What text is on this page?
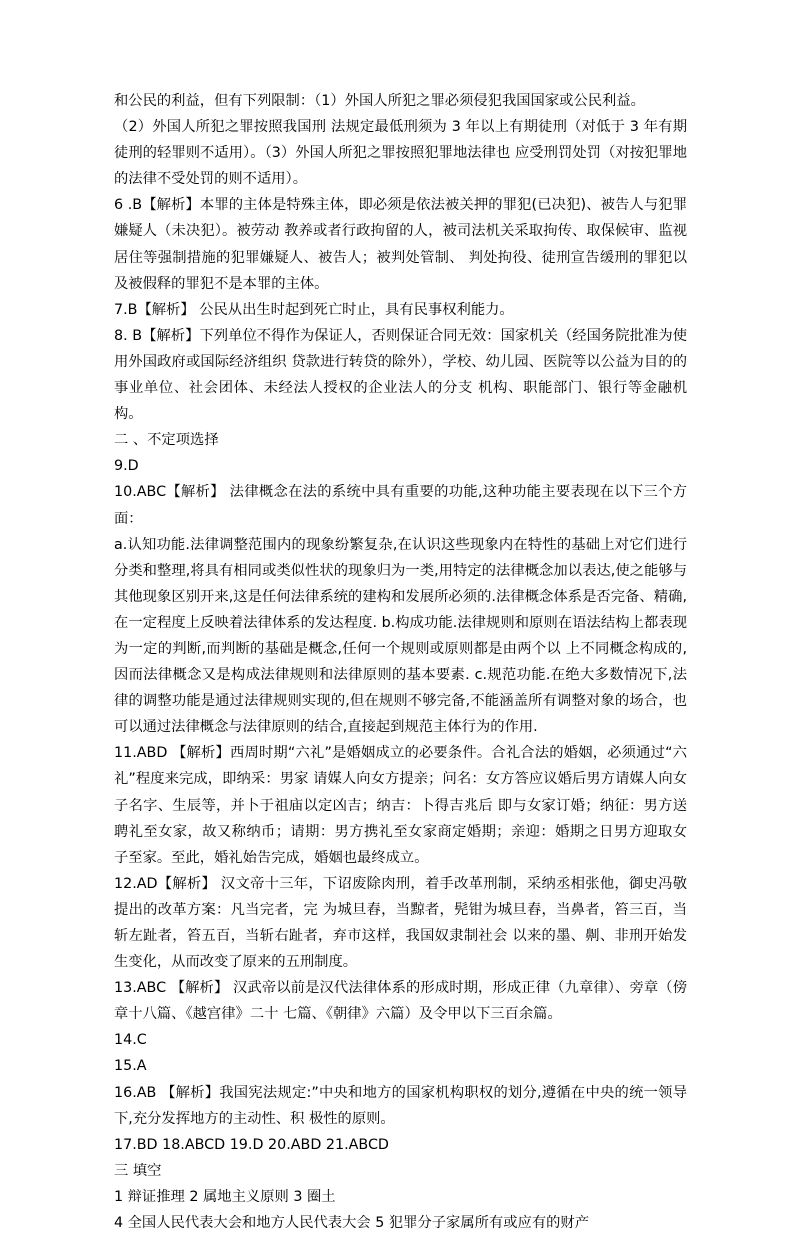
和公民的利益，但有下列限制：（1）外国人所犯之罪必须侵犯我国国家或公民利益。

（2）外国人所犯之罪按照我国刑 法规定最低刑须为 3 年以上有期徒刑（对低于 3 年有期徒刑的轻罪则不适用）。（3）外国人所犯之罪按照犯罪地法律也 应受刑罚处罚（对按犯罪地的法律不受处罚的则不适用）。

6 .B【解析】本罪的主体是特殊主体，即必须是依法被关押的罪犯(已决犯)、被告人与犯罪嫌疑人（未决犯）。被劳动 教养或者行政拘留的人，被司法机关采取拘传、取保候审、监视居住等强制措施的犯罪嫌疑人、被告人；被判处管制、 判处拘役、徒刑宣告缓刑的罪犯以及被假释的罪犯不是本罪的主体。

7.B【解析】 公民从出生时起到死亡时止，具有民事权利能力。

8. B【解析】下列单位不得作为保证人，否则保证合同无效：国家机关（经国务院批准为使用外国政府或国际经济组织 贷款进行转贷的除外），学校、幼儿园、医院等以公益为目的的事业单位、社会团体、未经法人授权的企业法人的分支 机构、职能部门、银行等金融机构。

二 、不定项选择

9.D

10.ABC【解析】 法律概念在法的系统中具有重要的功能,这种功能主要表现在以下三个方面：

a.认知功能.法律调整范围内的现象纷繁复杂,在认识这些现象内在特性的基础上对它们进行分类和整理,将具有相同或类似性状的现象归为一类,用特定的法律概念加以表达,使之能够与其他现象区别开来,这是任何法律系统的建构和发展所必须的.法律概念体系是否完备、精确,在一定程度上反映着法律体系的发达程度. b.构成功能.法律规则和原则在语法结构上都表现为一定的判断,而判断的基础是概念,任何一个规则或原则都是由两个以 上不同概念构成的,因而法律概念又是构成法律规则和法律原则的基本要素. c.规范功能.在绝大多数情况下,法律的调整功能是通过法律规则实现的,但在规则不够完备,不能涵盖所有调整对象的场合，也可以通过法律概念与法律原则的结合,直接起到规范主体行为的作用.

11.ABD 【解析】西周时期“六礼”是婚姻成立的必要条件。合礼合法的婚姻，必须通过“六礼”程度来完成，即纳采：男家 请媒人向女方提亲；问名：女方答应议婚后男方请媒人向女子名字、生辰等，并卜于祖庙以定凶吉；纳吉：卜得吉兆后 即与女家订婚；纳征：男方送聘礼至女家，故又称纳币；请期：男方携礼至女家商定婚期；亲迎：婚期之日男方迎取女 子至家。至此，婚礼始告完成，婚姻也最终成立。

12.AD【解析】 汉文帝十三年，下诏废除肉刑，着手改革刑制，采纳丞相张他，御史冯敬提出的改革方案：凡当完者，完 为城旦舂，当黥者，髡钳为城旦舂，当鼻者，笞三百，当斩左趾者，笞五百，当斩右趾者，弃市这样，我国奴隶制社会 以来的墨、劓、非刑开始发生变化，从而改变了原来的五刑制度。

13.ABC 【解析】 汉武帝以前是汉代法律体系的形成时期，形成正律（九章律）、旁章（傍章十八篇、《越宫律》二十 七篇、《朝律》六篇）及令甲以下三百余篇。

14.C

15.A

16.AB 【解析】我国宪法规定:”中央和地方的国家机构职权的划分,遵循在中央的统一领导下,充分发挥地方的主动性、积 极性的原则。

17.BD 18.ABCD 19.D 20.ABD 21.ABCD

三 填空

1 辩证推理 2 属地主义原则 3 圈土

4 全国人民代表大会和地方人民代表大会 5 犯罪分子家属所有或应有的财产
